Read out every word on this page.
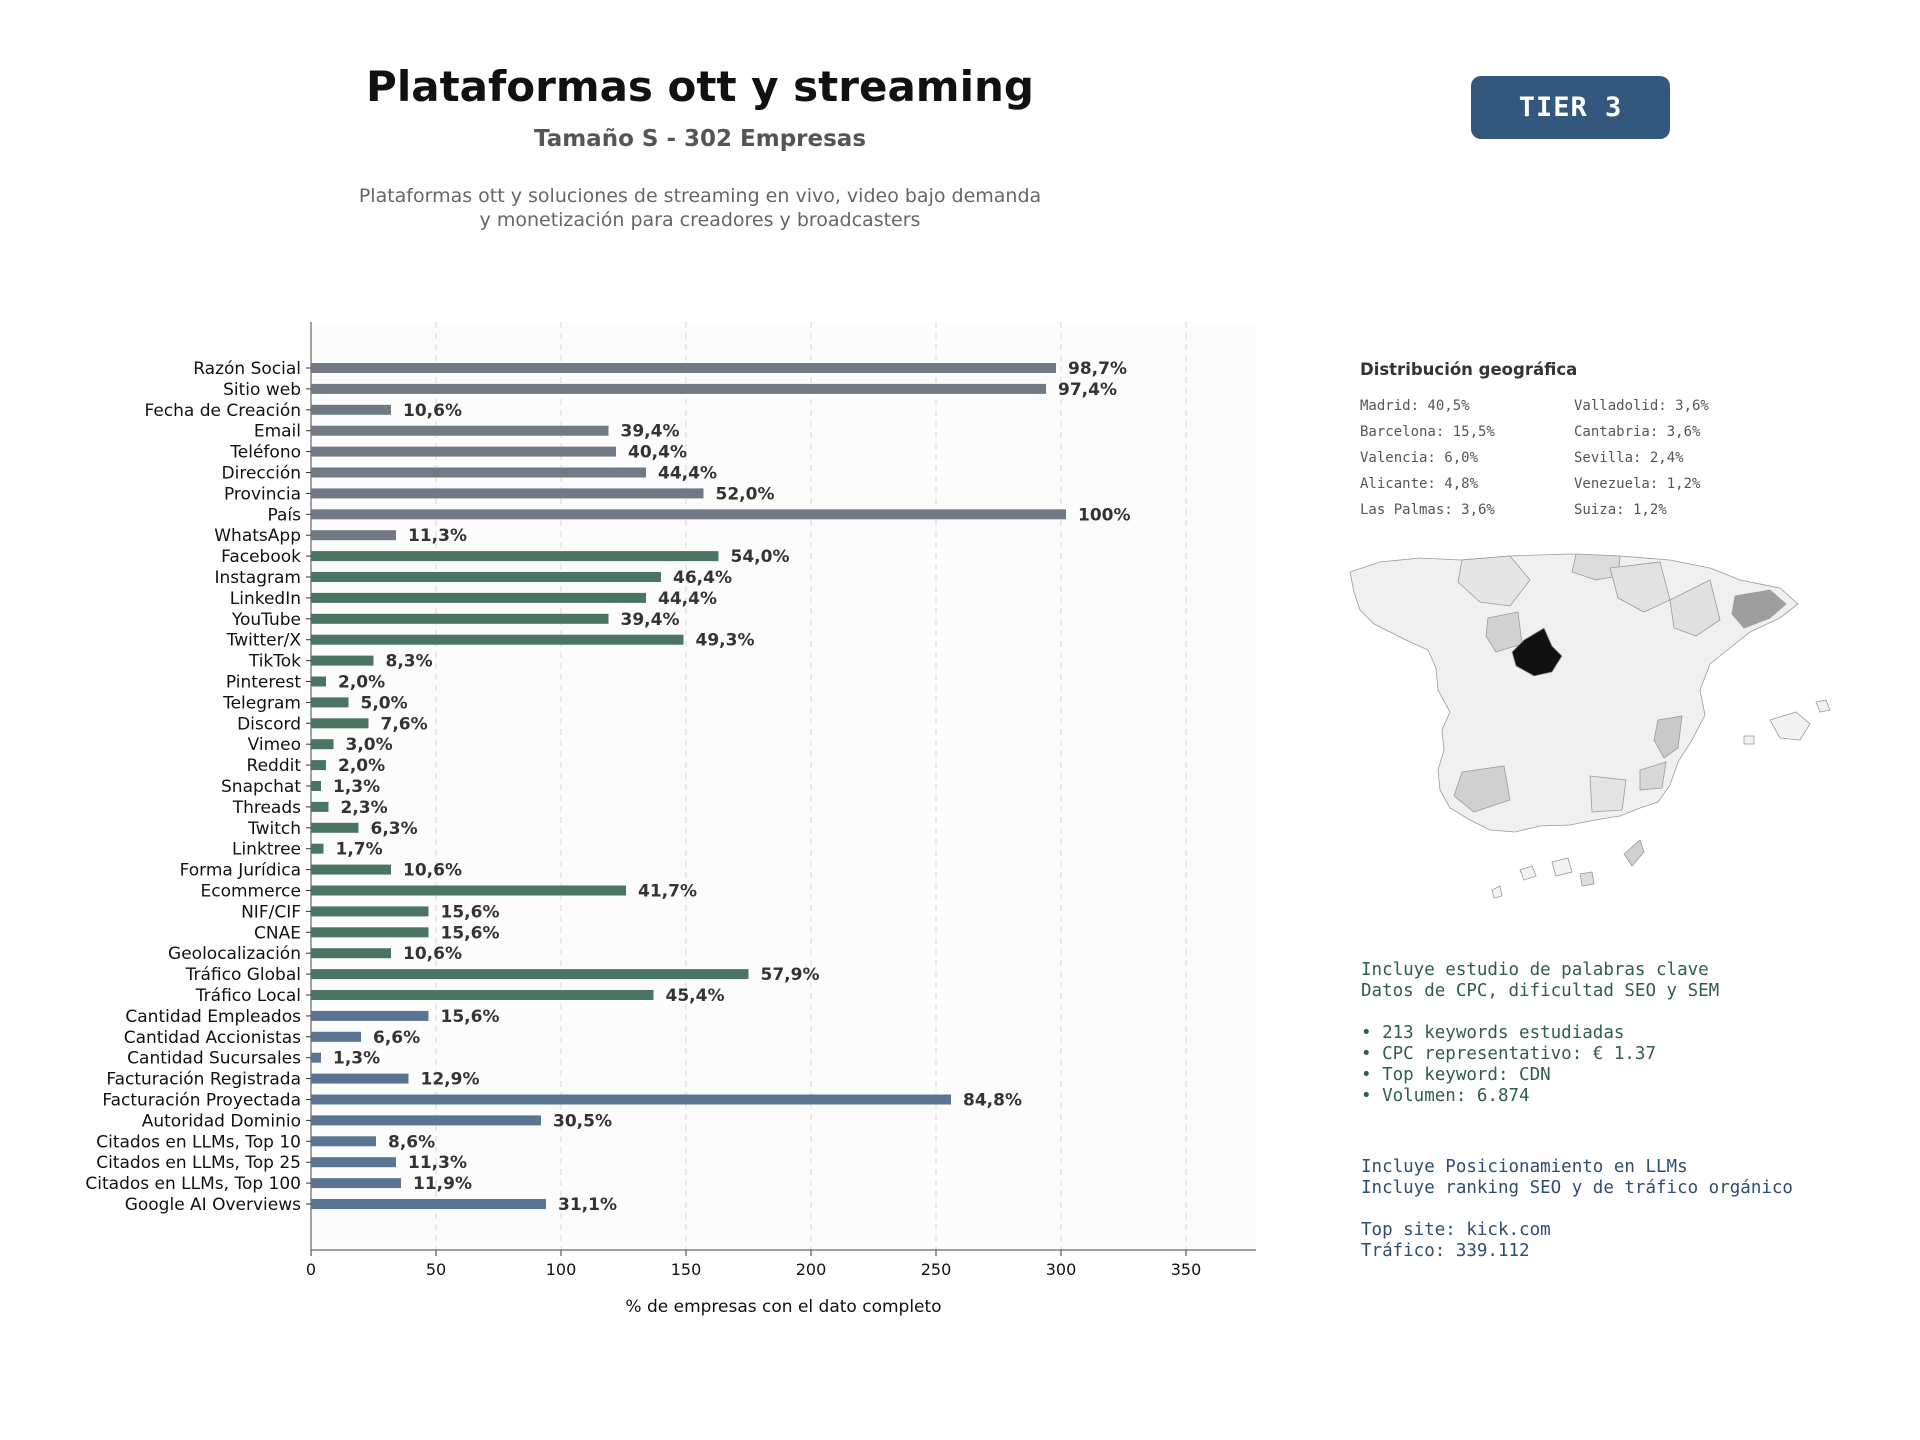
Plataformas ott y streaming
Tamaño S - 302 Empresas
Plataformas ott y soluciones de streaming en vivo, video bajo demanda
y monetización para creadores y broadcasters
TIER 3
0	50	100	150	200	250	300	350
Razón Social	98,7%
Sitio web	97,4%
Fecha de Creación	10,6%
Email	39,4%
Teléfono	40,4%
Dirección	44,4%
Provincia	52,0%
País	100%
WhatsApp	11,3%
Facebook	54,0%
Instagram	46,4%
LinkedIn	44,4%
YouTube	39,4%
Twitter/X	49,3%
TikTok	8,3%
Pinterest 2,0%
Telegram	5,0%
Discord	7,6%
Vimeo	3,0%
Reddit 2,0%
Snapchat 1,3%
Threads 2,3%
Twitch	6,3%
Linktree 1,7%
Forma Jurídica	10,6%
Ecommerce	41,7%
NIF/CIF	15,6%
CNAE	15,6%
Geolocalización	10,6%
Tráfico Global	57,9%
Tráfico Local	45,4%
Cantidad Empleados	15,6%
Cantidad Accionistas	6,6%
Cantidad Sucursales 1,3%
Facturación Registrada	12,9%
Facturación Proyectada	84,8%
Autoridad Dominio	30,5%
Citados en LLMs, Top 10	8,6%
Citados en LLMs, Top 25	11,3%
Citados en LLMs, Top 100	11,9%
Google AI Overviews	31,1%
% de empresas con el dato completo
Distribución geográfica
Madrid: 40,5%
Barcelona: 15,5%
Valencia: 6,0%
Alicante: 4,8%
Las Palmas: 3,6%
Valladolid: 3,6%
Cantabria: 3,6%
Sevilla: 2,4%
Venezuela: 1,2%
Suiza: 1,2%
Incluye estudio de palabras clave
Datos de CPC, dificultad SEO y SEM
• 213 keywords estudiadas
• CPC representativo: € 1.37
• Top keyword: CDN
• Volumen: 6.874
Incluye Posicionamiento en LLMs
Incluye ranking SEO y de tráfico orgánico
Top site: kick.com
Tráfico: 339.112
